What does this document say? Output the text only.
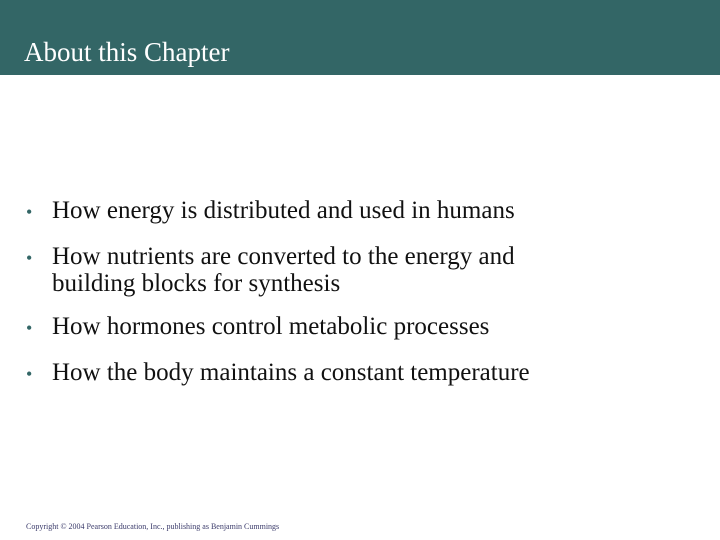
About this Chapter
• How energy is distributed and used in humans
• How nutrients are converted to the energy and
building blocks for synthesis
• How hormones control metabolic processes
• How the body maintains a constant temperature
Copyright © 2004 Pearson Education, Inc., publishing as Benjamin Cummings
